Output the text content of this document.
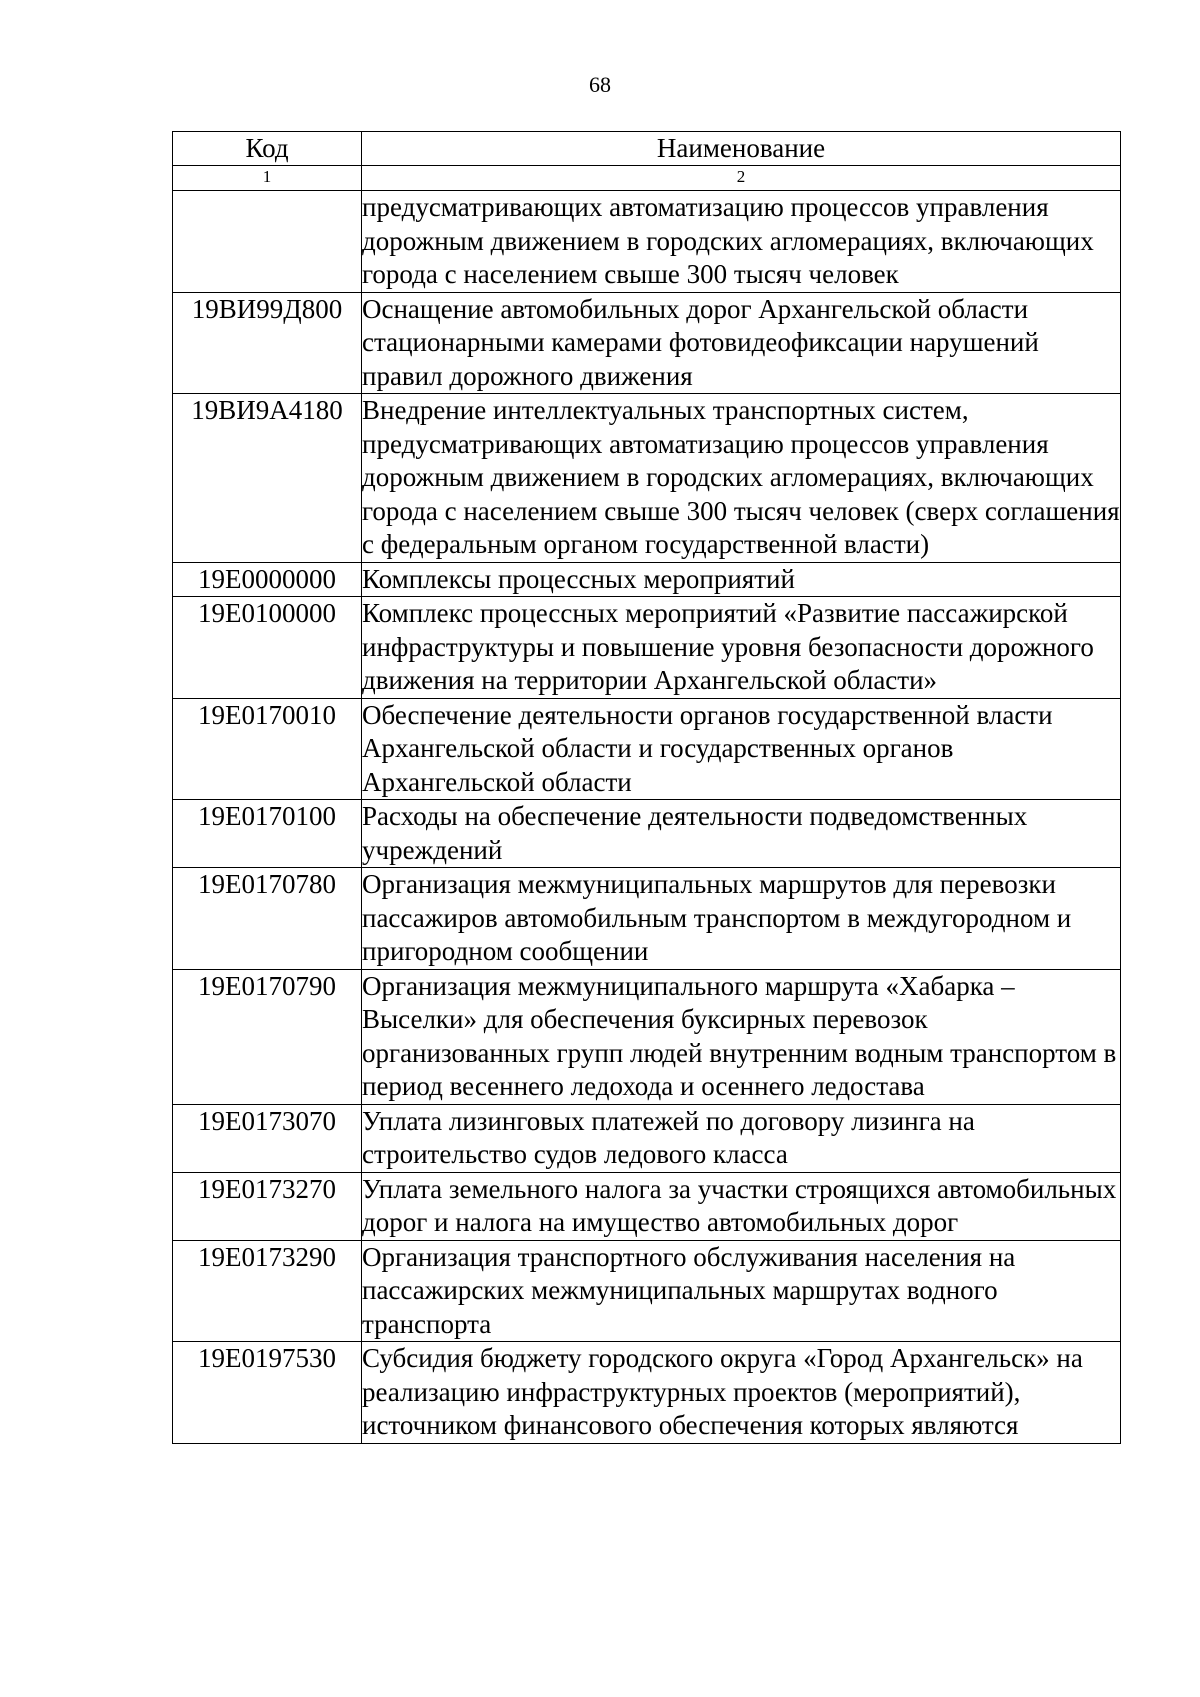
68
Код	Наименование
1	2
	предусматривающих автоматизацию процессов управления дорожным движением в городских агломерациях, включающих города с населением свыше 300 тысяч человек
19ВИ99Д800	Оснащение автомобильных дорог Архангельской области стационарными камерами фотовидеофиксации нарушений правил дорожного движения
19ВИ9А4180	Внедрение интеллектуальных транспортных систем, предусматривающих автоматизацию процессов управления дорожным движением в городских агломерациях, включающих города с населением свыше 300 тысяч человек (сверх соглашения с федеральным органом государственной власти)
19Е0000000	Комплексы процессных мероприятий
19Е0100000	Комплекс процессных мероприятий «Развитие пассажирской инфраструктуры и повышение уровня безопасности дорожного движения на территории Архангельской области»
19Е0170010	Обеспечение деятельности органов государственной власти Архангельской области и государственных органов Архангельской области
19Е0170100	Расходы на обеспечение деятельности подведомственных учреждений
19Е0170780	Организация межмуниципальных маршрутов для перевозки пассажиров автомобильным транспортом в междугородном и пригородном сообщении
19Е0170790	Организация межмуниципального маршрута «Хабарка – Выселки» для обеспечения буксирных перевозок организованных групп людей внутренним водным транспортом в период весеннего ледохода и осеннего ледостава
19Е0173070	Уплата лизинговых платежей по договору лизинга на строительство судов ледового класса
19Е0173270	Уплата земельного налога за участки строящихся автомобильных дорог и налога на имущество автомобильных дорог
19Е0173290	Организация транспортного обслуживания населения на пассажирских межмуниципальных маршрутах водного транспорта
19Е0197530	Субсидия бюджету городского округа «Город Архангельск» на реализацию инфраструктурных проектов (мероприятий), источником финансового обеспечения которых являются
